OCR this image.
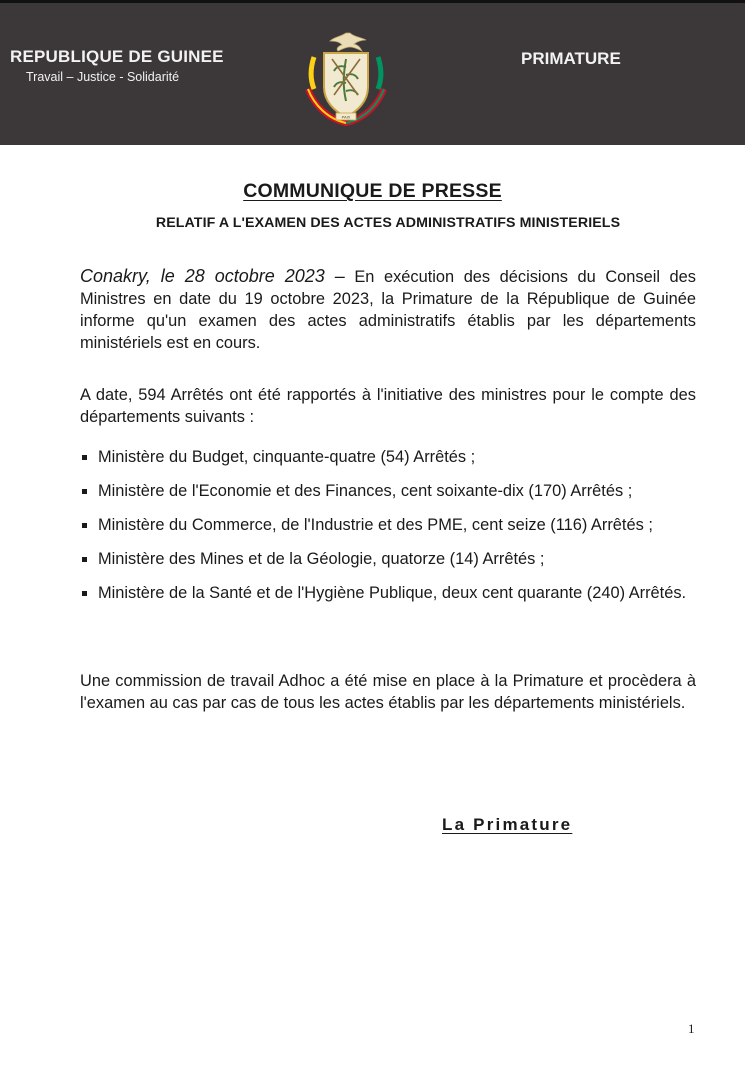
REPUBLIQUE DE GUINEE
Travail – Justice - Solidarité
PAIX
PRIMATURE
COMMUNIQUE DE PRESSE
RELATIF A L'EXAMEN DES ACTES ADMINISTRATIFS MINISTERIELS

Conakry, le 28 octobre 2023 – En exécution des décisions du Conseil des Ministres en date du 19 octobre 2023, la Primature de la République de Guinée informe qu'un examen des actes administratifs établis par les départements ministériels est en cours.

A date, 594 Arrêtés ont été rapportés à l'initiative des ministres pour le compte des départements suivants :

Ministère du Budget, cinquante-quatre (54) Arrêtés ;
Ministère de l'Economie et des Finances, cent soixante-dix (170) Arrêtés ;
Ministère du Commerce, de l'Industrie et des PME, cent seize (116) Arrêtés ;
Ministère des Mines et de la Géologie, quatorze (14) Arrêtés ;
Ministère de la Santé et de l'Hygiène Publique, deux cent quarante (240) Arrêtés.

Une commission de travail Adhoc a été mise en place à la Primature et procèdera à l'examen au cas par cas de tous les actes établis par les départements ministériels.

La Primature
1
